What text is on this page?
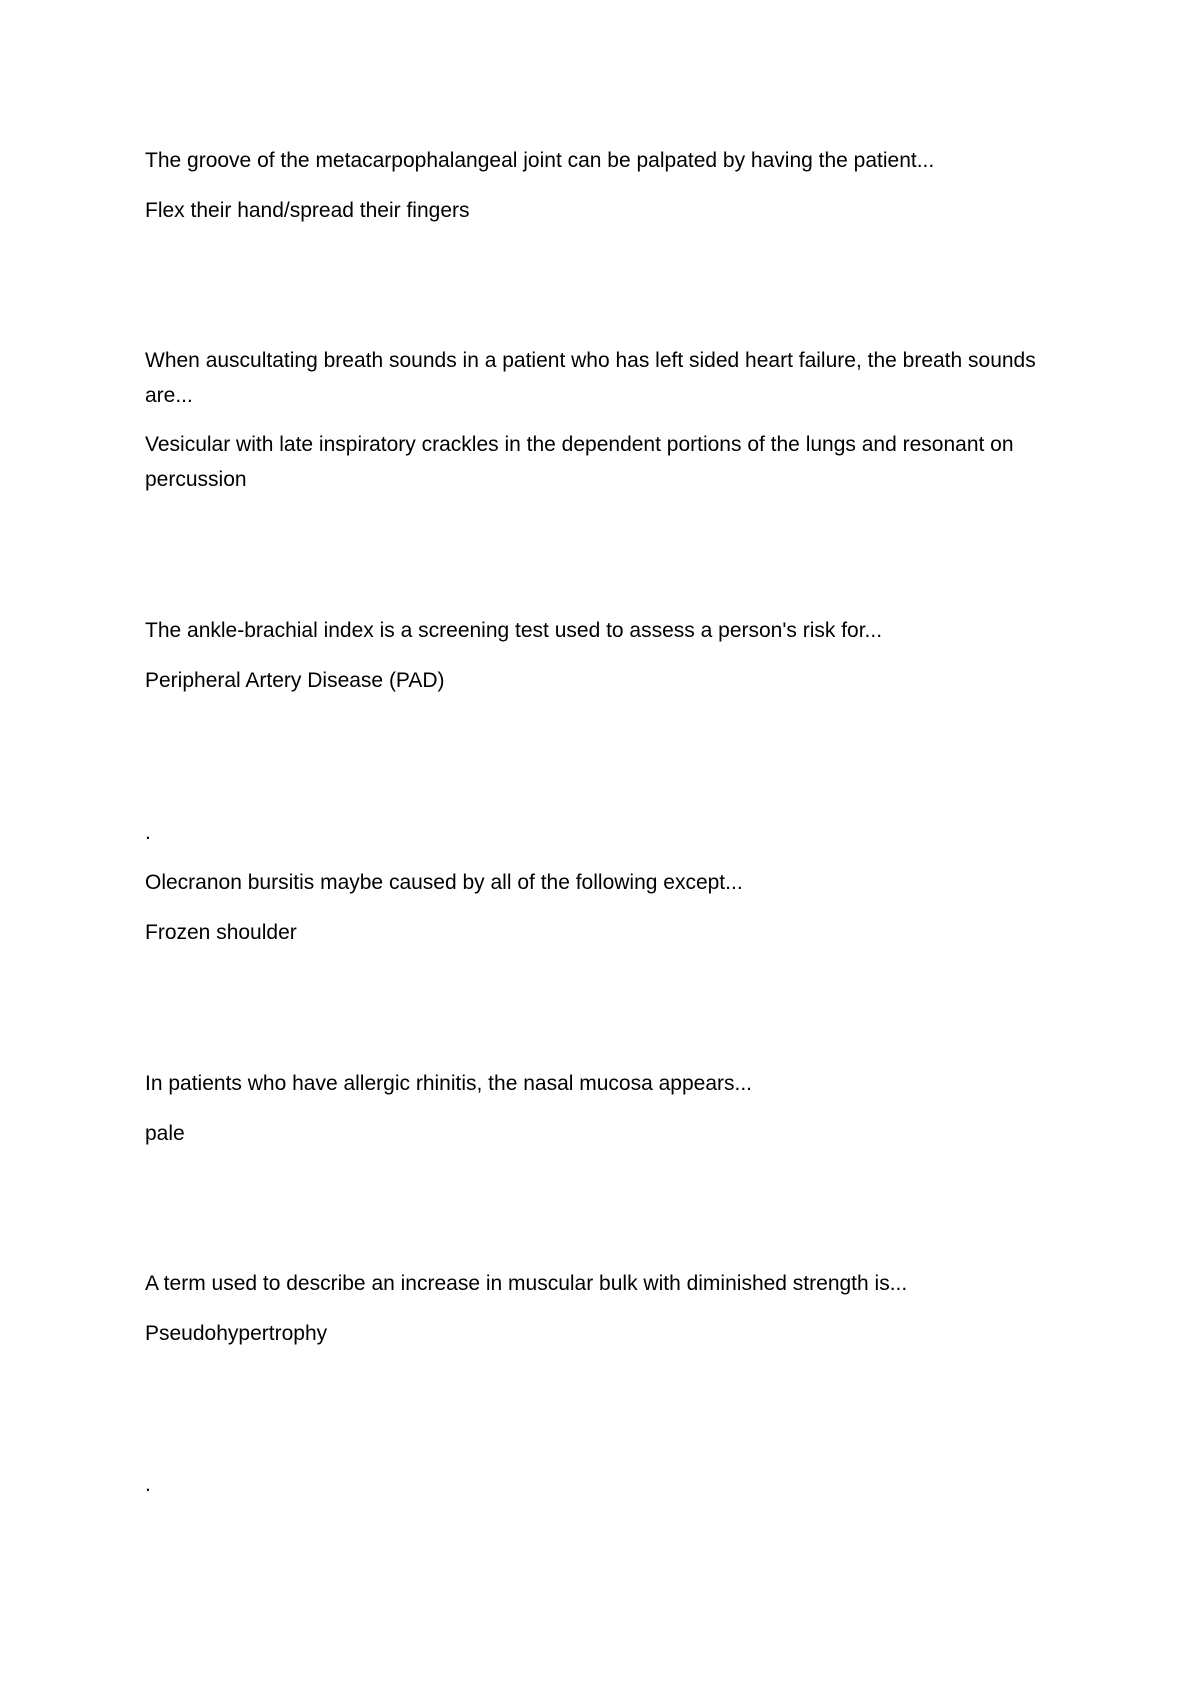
The groove of the metacarpophalangeal joint can be palpated by having the patient...

Flex their hand/spread their fingers

When auscultating breath sounds in a patient who has left sided heart failure, the breath sounds are...

Vesicular with late inspiratory crackles in the dependent portions of the lungs and resonant on percussion

The ankle-brachial index is a screening test used to assess a person's risk for...

Peripheral Artery Disease (PAD)

.

Olecranon bursitis maybe caused by all of the following except...

Frozen shoulder

In patients who have allergic rhinitis, the nasal mucosa appears...

pale

A term used to describe an increase in muscular bulk with diminished strength is...

Pseudohypertrophy

.
